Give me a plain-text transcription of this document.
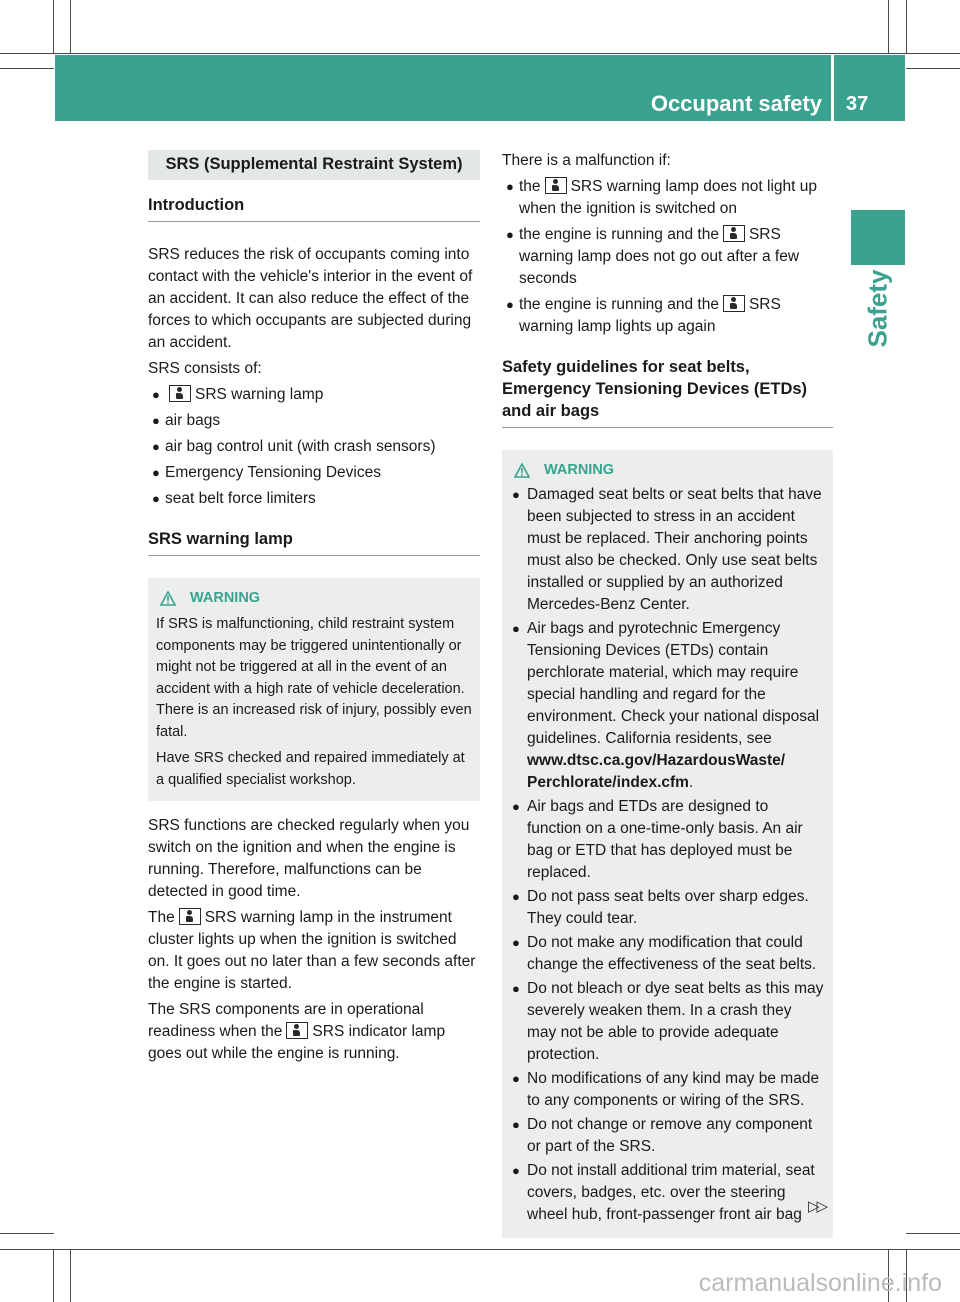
Occupant safety 37
Safety
SRS (Supplemental Restraint System)
Introduction

SRS reduces the risk of occupants coming into contact with the vehicle's interior in the event of an accident. It can also reduce the effect of the forces to which occupants are subjected during an accident.

SRS consists of:

● SRS warning lamp
● air bags
● air bag control unit (with crash sensors)
● Emergency Tensioning Devices
● seat belt force limiters
SRS warning lamp
WARNING

If SRS is malfunctioning, child restraint system components may be triggered unintentionally or might not be triggered at all in the event of an accident with a high rate of vehicle deceleration. There is an increased risk of injury, possibly even fatal.

Have SRS checked and repaired immediately at a qualified specialist workshop.

SRS functions are checked regularly when you switch on the ignition and when the engine is running. Therefore, malfunctions can be detected in good time.

The SRS warning lamp in the instrument cluster lights up when the ignition is switched on. It goes out no later than a few seconds after the engine is started.

The SRS components are in operational readiness when the SRS indicator lamp goes out while the engine is running.

There is a malfunction if:

● the SRS warning lamp does not light up when the ignition is switched on
● the engine is running and the SRS warning lamp does not go out after a few seconds
● the engine is running and the SRS warning lamp lights up again
Safety guidelines for seat belts, Emergency Tensioning Devices (ETDs) and air bags
WARNING
● Damaged seat belts or seat belts that have been subjected to stress in an accident must be replaced. Their anchoring points must also be checked. Only use seat belts installed or supplied by an authorized Mercedes-Benz Center.
● Air bags and pyrotechnic Emergency Tensioning Devices (ETDs) contain perchlorate material, which may require special handling and regard for the environment. Check your national disposal guidelines. California residents, see www.dtsc.ca.gov/HazardousWaste/ Perchlorate/index.cfm.
● Air bags and ETDs are designed to function on a one-time-only basis. An air bag or ETD that has deployed must be replaced.
● Do not pass seat belts over sharp edges. They could tear.
● Do not make any modification that could change the effectiveness of the seat belts.
● Do not bleach or dye seat belts as this may severely weaken them. In a crash they may not be able to provide adequate protection.
● No modifications of any kind may be made to any components or wiring of the SRS.
● Do not change or remove any component or part of the SRS.
● Do not install additional trim material, seat covers, badges, etc. over the steering wheel hub, front-passenger front air bag ▷▷
carmanualsonline.info
